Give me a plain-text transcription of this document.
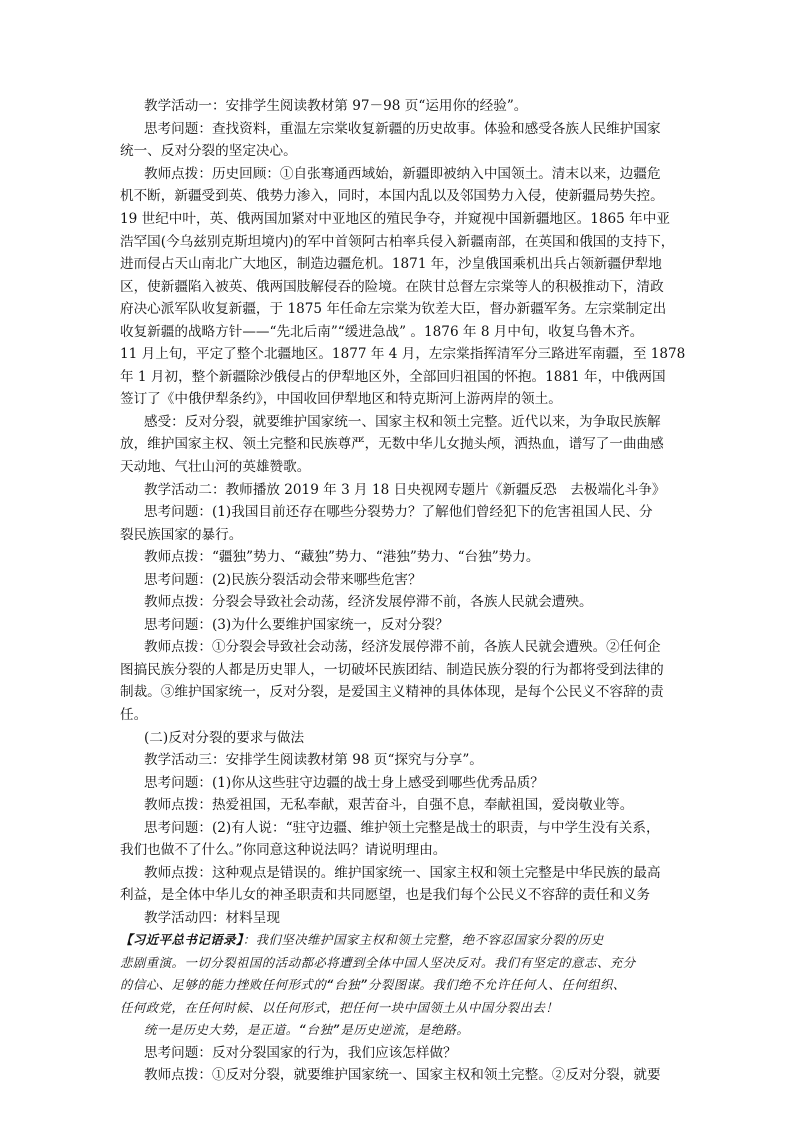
教学活动一：安排学生阅读教材第 97－98 页“运用你的经验”。
思考问题：查找资料，重温左宗棠收复新疆的历史故事。体验和感受各族人民维护国家
统一、反对分裂的坚定决心。
教师点拨：历史回顾：①自张骞通西域始，新疆即被纳入中国领土。清末以来，边疆危
机不断，新疆受到英、俄势力渗入，同时，本国内乱以及邻国势力入侵，使新疆局势失控。
19 世纪中叶，英、俄两国加紧对中亚地区的殖民争夺，并窥视中国新疆地区。1865 年中亚
浩罕国(今乌兹别克斯坦境内)的军中首领阿古柏率兵侵入新疆南部，在英国和俄国的支持下，
进而侵占天山南北广大地区，制造边疆危机。1871 年，沙皇俄国乘机出兵占领新疆伊犁地
区，使新疆陷入被英、俄两国肢解侵吞的险境。在陕甘总督左宗棠等人的积极推动下，清政
府决心派军队收复新疆，于 1875 年任命左宗棠为钦差大臣，督办新疆军务。左宗棠制定出
收复新疆的战略方针——“先北后南”“缓进急战” 。1876 年 8 月中旬，收复乌鲁木齐。
11 月上旬，平定了整个北疆地区。1877 年 4 月，左宗棠指挥清军分三路进军南疆，至 1878
年 1 月初，整个新疆除沙俄侵占的伊犁地区外，全部回归祖国的怀抱。1881 年，中俄两国
签订了《中俄伊犁条约》，中国收回伊犁地区和特克斯河上游两岸的领土。
感受：反对分裂，就要维护国家统一、国家主权和领土完整。近代以来，为争取民族解
放，维护国家主权、领土完整和民族尊严，无数中华儿女抛头颅，洒热血，谱写了一曲曲感
天动地、气壮山河的英雄赞歌。
教学活动二：教师播放 2019 年 3 月 18 日央视网专题片《新疆反恐　去极端化斗争》
思考问题：(1)我国目前还存在哪些分裂势力？了解他们曾经犯下的危害祖国人民、分
裂民族国家的暴行。
教师点拨：“疆独”势力、“藏独”势力、“港独”势力、“台独”势力。
思考问题：(2)民族分裂活动会带来哪些危害？
教师点拨：分裂会导致社会动荡，经济发展停滞不前，各族人民就会遭殃。
思考问题：(3)为什么要维护国家统一，反对分裂？
教师点拨：①分裂会导致社会动荡，经济发展停滞不前，各族人民就会遭殃。②任何企
图搞民族分裂的人都是历史罪人，一切破坏民族团结、制造民族分裂的行为都将受到法律的
制裁。③维护国家统一，反对分裂，是爱国主义精神的具体体现，是每个公民义不容辞的责
任。
(二)反对分裂的要求与做法
教学活动三：安排学生阅读教材第 98 页“探究与分享”。
思考问题：(1)你从这些驻守边疆的战士身上感受到哪些优秀品质？
教师点拨：热爱祖国，无私奉献，艰苦奋斗，自强不息，奉献祖国，爱岗敬业等。
思考问题：(2)有人说：“驻守边疆、维护领土完整是战士的职责，与中学生没有关系，
我们也做不了什么。”你同意这种说法吗？请说明理由。
教师点拨：这种观点是错误的。维护国家统一、国家主权和领土完整是中华民族的最高
利益，是全体中华儿女的神圣职责和共同愿望，也是我们每个公民义不容辞的责任和义务
教学活动四：材料呈现
【习近平总书记语录】：我们坚决维护国家主权和领土完整，绝不容忍国家分裂的历史
悲剧重演。一切分裂祖国的活动都必将遭到全体中国人坚决反对。我们有坚定的意志、充分
的信心、足够的能力挫败任何形式的“台独”分裂图谋。我们绝不允许任何人、任何组织、
任何政党，在任何时候、以任何形式，把任何一块中国领土从中国分裂出去！
统一是历史大势，是正道。“台独”是历史逆流，是绝路。
思考问题：反对分裂国家的行为，我们应该怎样做？
教师点拨：①反对分裂，就要维护国家统一、国家主权和领土完整。②反对分裂，就要
